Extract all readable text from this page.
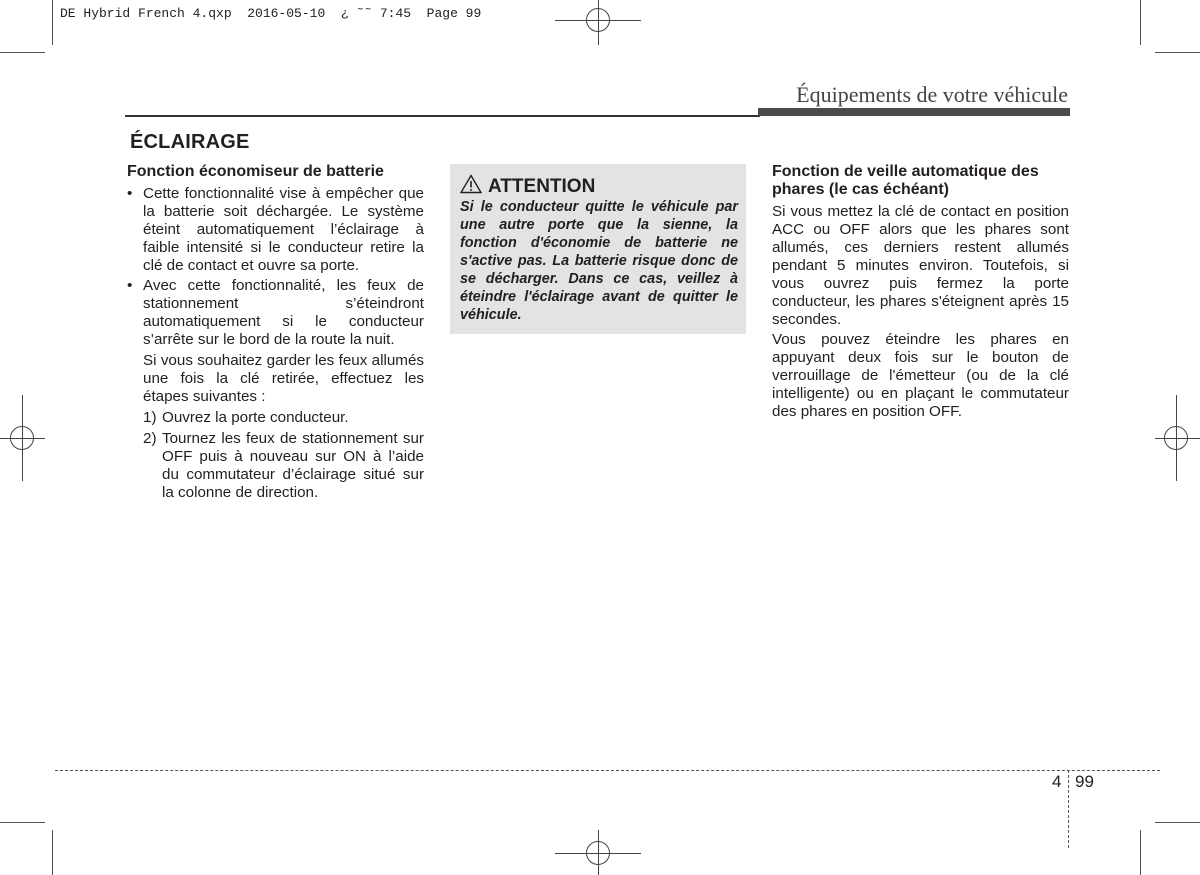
DE Hybrid French 4.qxp  2016-05-10  ¿ ˜˜ 7:45  Page 99
Équipements de votre véhicule
ÉCLAIRAGE
Fonction économiseur de batterie

• Cette fonctionnalité vise à empêcher que la batterie soit déchargée. Le système éteint automatiquement l’éclairage à faible intensité si le conducteur retire la clé de contact et ouvre sa porte.

• Avec cette fonctionnalité, les feux de stationnement s’éteindront automatiquement si le conducteur s’arrête sur le bord de la route la nuit.

Si vous souhaitez garder les feux allumés une fois la clé retirée, effectuez les étapes suivantes :

1) Ouvrez la porte conducteur.

2) Tournez les feux de stationnement sur OFF puis à nouveau sur ON à l’aide du commutateur d’éclairage situé sur la colonne de direction.

ATTENTION
Si le conducteur quitte le véhicule par une autre porte que la sienne, la fonction d'économie de batterie ne s'active pas. La batterie risque donc de se décharger. Dans ce cas, veillez à éteindre l'éclairage avant de quitter le véhicule.
Fonction de veille automatique des phares (le cas échéant)

Si vous mettez la clé de contact en position ACC ou OFF alors que les phares sont allumés, ces derniers restent allumés pendant 5 minutes environ. Toutefois, si vous ouvrez puis fermez la porte conducteur, les phares s'éteignent après 15 secondes.

Vous pouvez éteindre les phares en appuyant deux fois sur le bouton de verrouillage de l'émetteur (ou de la clé intelligente) ou en plaçant le commutateur des phares en position OFF.

4 99
